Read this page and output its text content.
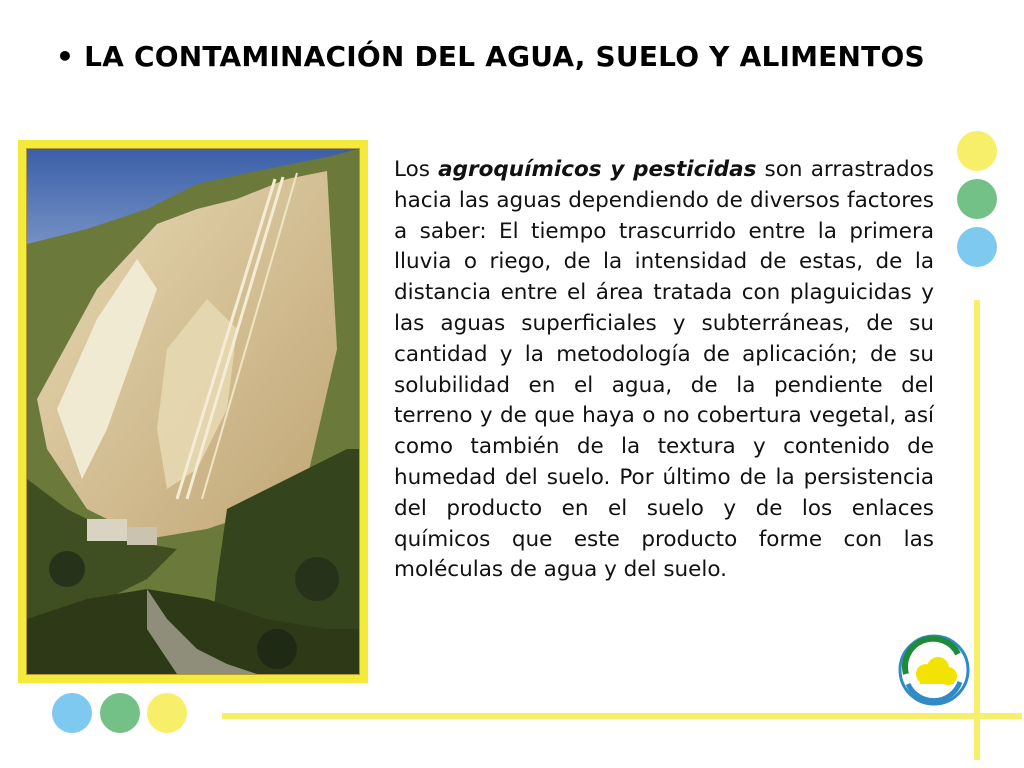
• LA CONTAMINACIÓN DEL AGUA, SUELO Y ALIMENTOS
Los agroquímicos y pesticidas son arrastrados hacia las aguas dependiendo de diversos factores a saber: El tiempo trascurrido entre la primera lluvia o riego, de la intensidad de estas, de la distancia entre el área tratada con plaguicidas y las aguas superficiales y subterráneas, de su cantidad y la metodología de aplicación; de su solubilidad en el agua, de la pendiente del terreno y de que haya o no cobertura vegetal, así como también de la textura y contenido de humedad del suelo. Por último de la persistencia del producto en el suelo y de los enlaces químicos que este producto forme con las moléculas de agua y del suelo.
